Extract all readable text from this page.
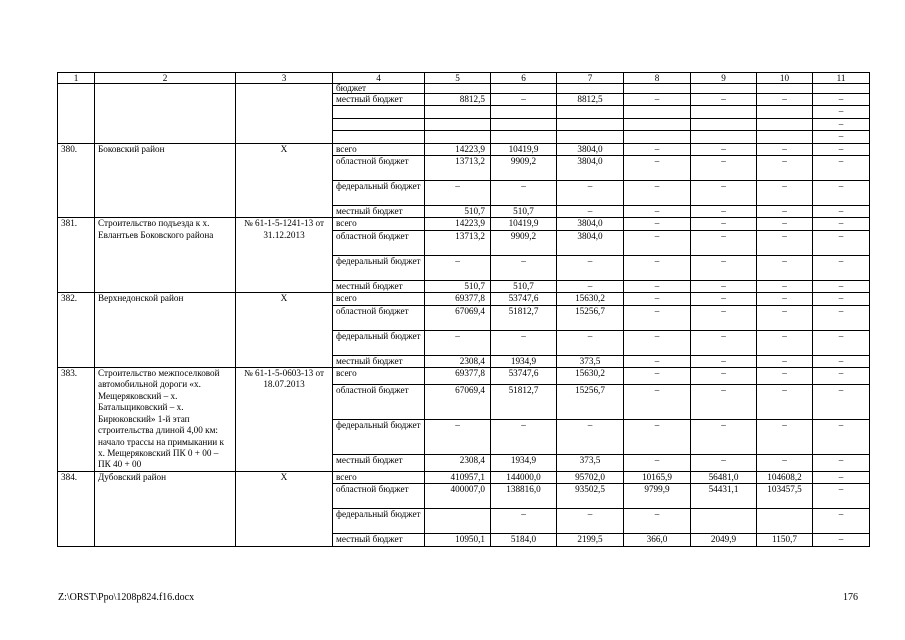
1	2	3	4	5	6	7	8	9	10	11
			бюджет							
			местный бюджет	8812,5	–	8812,5	–	–	–	–
										–
										–
										–
380.	Боковский район	Х	всего	14223,9	10419,9	3804,0	–	–	–	–
			областной бюджет	13713,2	9909,2	3804,0	–	–	–	–
			федеральный бюджет	–	–	–	–	–	–	–
			местный бюджет	510,7	510,7	–	–	–	–	–
381.	Строительство подъезда к х. Евлантьев Боковского района	№ 61-1-5-1241-13 от 31.12.2013	всего	14223,9	10419,9	3804,0	–	–	–	–
			областной бюджет	13713,2	9909,2	3804,0	–	–	–	–
			федеральный бюджет	–	–	–	–	–	–	–
			местный бюджет	510,7	510,7	–	–	–	–	–
382.	Верхнедонской район	Х	всего	69377,8	53747,6	15630,2	–	–	–	–
			областной бюджет	67069,4	51812,7	15256,7	–	–	–	–
			федеральный бюджет	–	–	–	–	–	–	–
			местный бюджет	2308,4	1934,9	373,5	–	–	–	–
383.	Строительство межпоселковой автомобильной дороги «х. Мещеряковский – х. Батальщиковский – х. Бирюковский» 1-й этап строительства длиной 4,00 км: начало трассы на примыкании к х. Мещеряковский ПК 0 + 00 – ПК 40 + 00	№ 61-1-5-0603-13 от 18.07.2013	всего	69377,8	53747,6	15630,2	–	–	–	–
			областной бюджет	67069,4	51812,7	15256,7	–	–	–	–
			федеральный бюджет	–	–	–	–	–	–	–
			местный бюджет	2308,4	1934,9	373,5	–	–	–	–
384.	Дубовский район	Х	всего	410957,1	144000,0	95702,0	10165,9	56481,0	104608,2	–
			областной бюджет	400007,0	138816,0	93502,5	9799,9	54431,1	103457,5	–
			федеральный бюджет		–	–	–			–
			местный бюджет	10950,1	5184,0	2199,5	366,0	2049,9	1150,7	–
Z:\ORST\Ppo\1208p824.f16.docx	176
